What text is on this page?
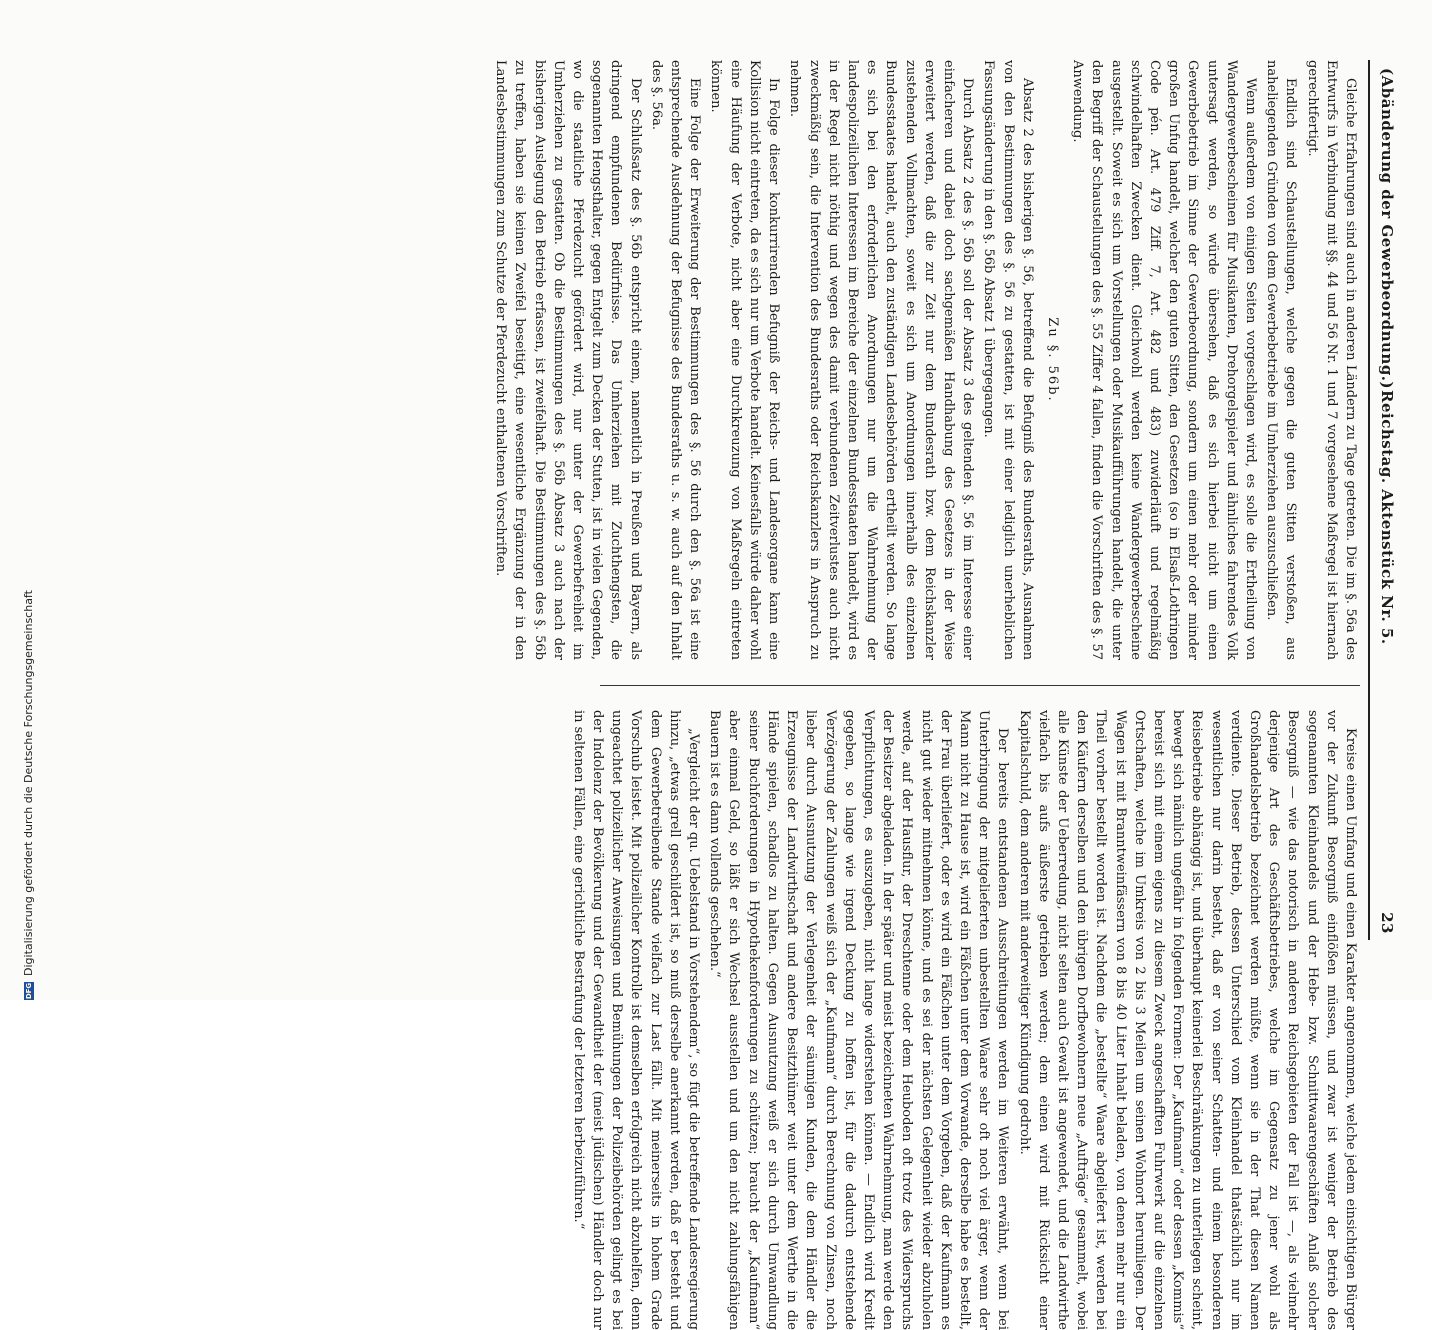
(Abänderung der Gewerbeordnung.)
Reichstag. Aktenstück Nr. 5.
23

Gleiche Erfahrungen sind auch in anderen Ländern zu Tage getreten. Die im §. 56a des Entwurfs in Verbindung mit §§. 44 und 56 Nr. 1 und 7 vorgesehene Maßregel ist hiernach gerechtfertigt.

Endlich sind Schaustellungen, welche gegen die guten Sitten verstoßen, aus naheliegenden Gründen von dem Gewerbebetriebe im Umherziehen auszuschließen.

Wenn außerdem von einigen Seiten vorgeschlagen wird, es solle die Ertheilung von Wandergewerbescheinen für Musikanten, Drehorgelspieler und ähnliches fahrendes Volk untersagt werden, so würde übersehen, daß es sich hierbei nicht um einen Gewerbebetrieb im Sinne der Gewerbeordnung, sondern um einen mehr oder minder großen Unfug handelt, welcher den guten Sitten, den Gesetzen (so in Elsaß-Lothringen Code pén. Art. 479 Ziff. 7, Art. 482 und 483) zuwiderläuft und regelmäßig schwindelhaften Zwecken dient. Gleichwohl werden keine Wandergewerbescheine ausgestellt. Soweit es sich um Vorstellungen oder Musikaufführungen handelt, die unter den Begriff der Schaustellungen des §. 55 Ziffer 4 fallen, finden die Vorschriften des §. 57 Anwendung.

Zu §. 56b.

Absatz 2 des bisherigen §. 56, betreffend die Befugniß des Bundesraths, Ausnahmen von den Bestimmungen des §. 56 zu gestatten, ist mit einer lediglich unerheblichen Fassungsänderung in den §. 56b Absatz 1 übergegangen.

Durch Absatz 2 des §. 56b soll der Absatz 3 des geltenden §. 56 im Interesse einer einfacheren und dabei doch sachgemäßen Handhabung des Gesetzes in der Weise erweitert werden, daß die zur Zeit nur dem Bundesrath bzw. dem Reichskanzler zustehenden Vollmachten, soweit es sich um Anordnungen innerhalb des einzelnen Bundesstaates handelt, auch den zuständigen Landesbehörden ertheilt werden. So lange es sich bei den erforderlichen Anordnungen nur um die Wahrnehmung der landespolizeilichen Interessen im Bereiche der einzelnen Bundesstaaten handelt, wird es in der Regel nicht nöthig und wegen des damit verbundenen Zeitverlustes auch nicht zweckmäßig sein, die Intervention des Bundesraths oder Reichskanzlers in Anspruch zu nehmen.

In Folge dieser konkurrirenden Befugniß der Reichs- und Landesorgane kann eine Kollision nicht eintreten, da es sich nur um Verbote handelt. Keinesfalls würde daher wohl eine Häufung der Verbote, nicht aber eine Durchkreuzung von Maßregeln eintreten können.

Eine Folge der Erweiterung der Bestimmungen des §. 56 durch den §. 56a ist eine entsprechende Ausdehnung der Befugnisse des Bundesraths u. s. w. auch auf den Inhalt des §. 56a.

Der Schlußsatz des §. 56b entspricht einem, namentlich in Preußen und Bayern, als dringend empfundenen Bedürfnisse. Das Umherziehen mit Zuchthengsten, die sogenannten Hengsthalter, gegen Entgelt zum Decken der Stuten, ist in vielen Gegenden, wo die staatliche Pferdezucht gefördert wird, nur unter der Gewerbefreiheit im Umherziehen zu gestatten. Ob die Bestimmungen des §. 56b Absatz 3 auch nach der bisherigen Auslegung den Betrieb erfassen, ist zweifelhaft. Die Bestimmungen des §. 56b zu treffen, haben sie keinen Zweifel beseitigt, eine wesentliche Ergänzung der in den Landesbestimmungen zum Schutze der Pferdezucht enthaltenen Vorschriften.

Kreise einen Umfang und einen Karakter angenommen, welche jedem einsichtigen Bürger vor der Zukunft Besorgniß einflößen müssen, und zwar ist weniger der Betrieb des sogenannten Kleinhandels und der Hebe- bzw. Schnittwaarengeschäften Anlaß solcher Besorgniß — wie das notorisch in anderen Reichsgebieten der Fall ist —, als vielmehr derjenige Art des Geschäftsbetriebes, welche im Gegensatz zu jener wohl als Großhandelsbetrieb bezeichnet werden müßte, wenn sie in der That diesen Namen verdiente. Dieser Betrieb, dessen Unterschied vom Kleinhandel thatsächlich nur im wesentlichen nur darin besteht, daß er von seiner Schatten- und einem besonderen Reisebetriebe abhängig ist, und überhaupt keinerlei Beschränkungen zu unterliegen scheint, bewegt sich nämlich ungefähr in folgenden Formen: Der „Kaufmann“ oder dessen „Kommis“ bereist sich mit einem eigens zu diesem Zweck angeschafften Fuhrwerk auf die einzelnen Ortschaften, welche im Umkreis von 2 bis 3 Meilen um seinen Wohnort herumliegen. Der Wagen ist mit Branntweinfässern von 8 bis 40 Liter Inhalt beladen, von denen mehr nur ein Theil vorher bestellt worden ist. Nachdem die „bestellte“ Waare abgeliefert ist, werden bei den Käufern derselben und den übrigen Dorfbewohnern neue „Aufträge“ gesammelt, wobei alle Künste der Ueberredung, nicht selten auch Gewalt ist angewendet, und die Landwirthe vielfach bis aufs äußerste getrieben werden; dem einen wird mit Rücksicht einer Kapitalschuld, dem anderen mit anderweitiger Kündigung gedroht.

Der bereits entstandenen Ausschreitungen werden im Weiteren erwähnt, wenn bei Unterbringung der mitgelieferten unbestellten Waare sehr oft noch viel ärger, wenn der Mann nicht zu Hause ist, wird ein Fäßchen unter dem Vorwande, derselbe habe es bestellt, der Frau überliefert, oder es wird ein Fäßchen unter dem Vorgeben, daß der Kaufmann es nicht gut wieder mitnehmen könne, und es sei der nächsten Gelegenheit wieder abzuholen werde, auf der Hausflur, der Dreschtenne oder dem Heuboden oft trotz des Widerspruchs der Besitzer abgeladen. In der später und meist bezeichneten Wahrnehmung, man werde den Verpflichtungen, es auszugeben, nicht lange widerstehen können. — Endlich wird Kredit gegeben, so lange wie irgend Deckung zu hoffen ist, für die dadurch entstehende Verzögerung der Zahlungen weiß sich der „Kaufmann“ durch Berechnung von Zinsen, noch lieber durch Ausnutzung der Verlegenheit der säumigen Kunden, die dem Händler die Erzeugnisse der Landwirthschaft und andere Besitzthümer weit unter dem Werthe in die Hände spielen, schadlos zu halten. Gegen Ausnutzung weiß er sich durch Umwandlung seiner Buchforderungen in Hypothekenforderungen zu schützen; braucht der „Kaufmann“ aber einmal Geld, so läßt er sich Wechsel ausstellen und um den nicht zahlungsfähigen Bauern ist es dann vollends geschehen.“

„Vergleicht der qu. Uebelstand in Vorstehendem“, so fügt die betreffende Landesregierung hinzu, „etwas grell geschildert ist, so muß derselbe anerkannt werden, daß er besteht und dem Gewerbetreibende Stande vielfach zur Last fällt. Mit meinerseits in hohem Grade Vorschub leistet. Mit polizeilicher Kontrolle ist demselben erfolgreich nicht abzuhelfen, denn ungeachtet polizeilicher Anweisungen und Bemühungen der Polizeibehörden gelingt es bei der Indolenz der Bevölkerung und der Gewandtheit der (meist jüdischen) Händler doch nur in seltenen Fällen, eine gerichtliche Bestrafung der letzteren herbeizuführen.“

DFG
Digitalisierung gefördert durch die Deutsche Forschungsgemeinschaft
